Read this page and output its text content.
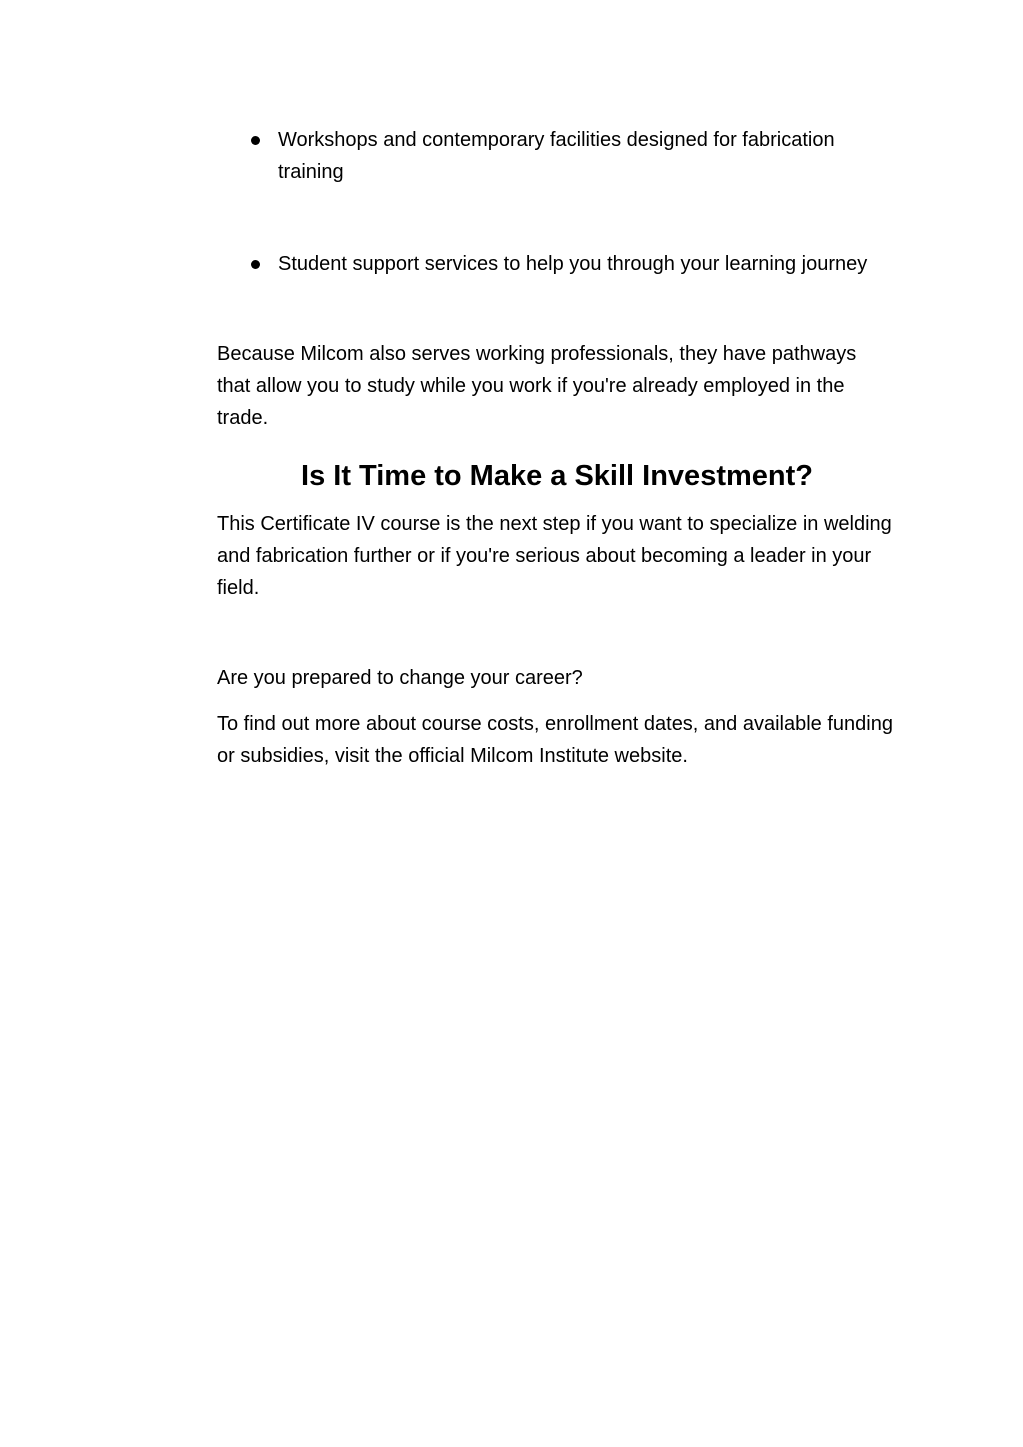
Workshops and contemporary facilities designed for fabrication training
Student support services to help you through your learning journey

Because Milcom also serves working professionals, they have pathways that allow you to study while you work if you're already employed in the trade.

Is It Time to Make a Skill Investment?

This Certificate IV course is the next step if you want to specialize in welding and fabrication further or if you're serious about becoming a leader in your field.

Are you prepared to change your career?

To find out more about course costs, enrollment dates, and available funding or subsidies, visit the official Milcom Institute website.
